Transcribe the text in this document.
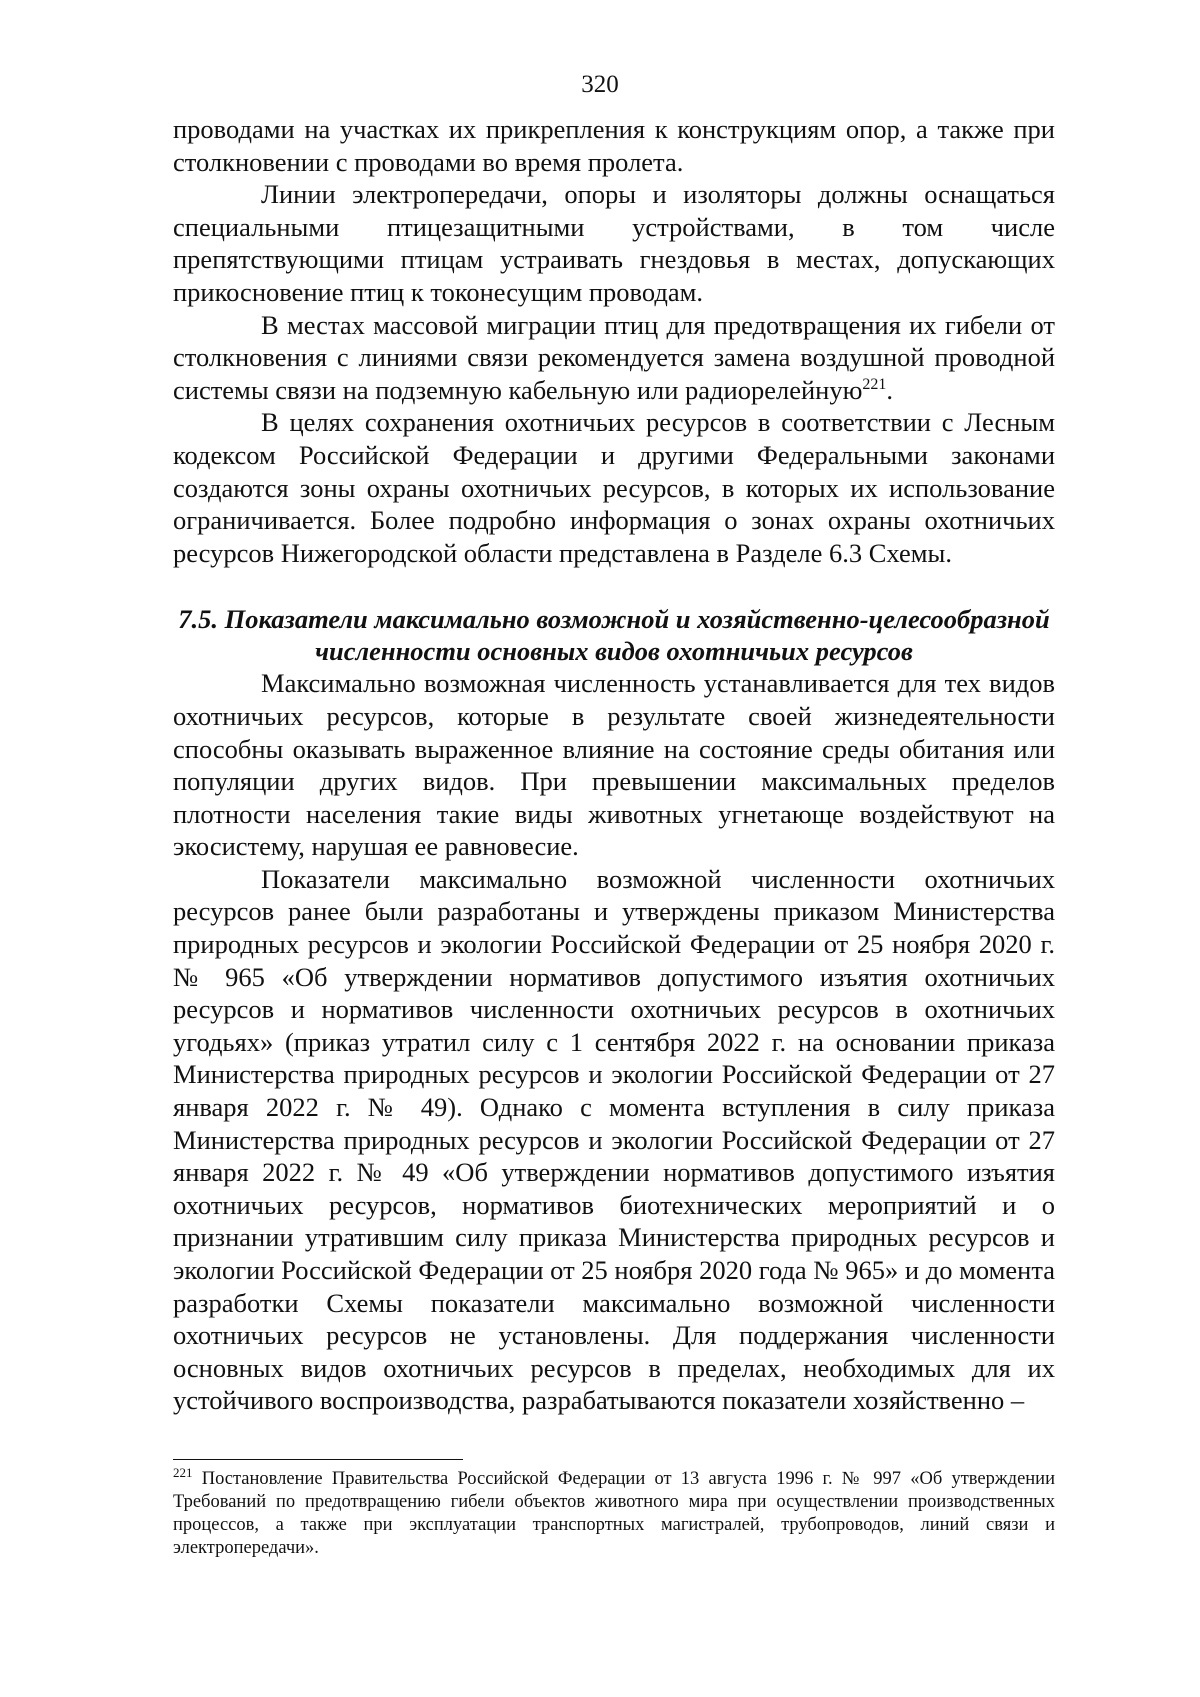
320

проводами на участках их прикрепления к конструкциям опор, а также при столкновении с проводами во время пролета.

Линии электропередачи, опоры и изоляторы должны оснащаться специальными птицезащитными устройствами, в том числе препятствующими птицам устраивать гнездовья в местах, допускающих прикосновение птиц к токонесущим проводам.

В местах массовой миграции птиц для предотвращения их гибели от столкновения с линиями связи рекомендуется замена воздушной проводной системы связи на подземную кабельную или радиорелейную$^{221}$.

В целях сохранения охотничьих ресурсов в соответствии с Лесным кодексом Российской Федерации и другими Федеральными законами создаются зоны охраны охотничьих ресурсов, в которых их использование ограничивается. Более подробно информация о зонах охраны охотничьих ресурсов Нижегородской области представлена в Разделе 6.3 Схемы.

7.5. Показатели максимально возможной и хозяйственно-целесообразной
численности основных видов охотничьих ресурсов

Максимально возможная численность устанавливается для тех видов охотничьих ресурсов, которые в результате своей жизнедеятельности способны оказывать выраженное влияние на состояние среды обитания или популяции других видов. При превышении максимальных пределов плотности населения такие виды животных угнетающе воздействуют на экосистему, нарушая ее равновесие.

Показатели максимально возможной численности охотничьих ресурсов ранее были разработаны и утверждены приказом Министерства природных ресурсов и экологии Российской Федерации от 25 ноября 2020 г. № 965 «Об утверждении нормативов допустимого изъятия охотничьих ресурсов и нормативов численности охотничьих ресурсов в охотничьих угодьях» (приказ утратил силу с 1 сентября 2022 г. на основании приказа Министерства природных ресурсов и экологии Российской Федерации от 27 января 2022 г. № 49). Однако с момента вступления в силу приказа Министерства природных ресурсов и экологии Российской Федерации от 27 января 2022 г. № 49 «Об утверждении нормативов допустимого изъятия охотничьих ресурсов, нормативов биотехнических мероприятий и о признании утратившим силу приказа Министерства природных ресурсов и экологии Российской Федерации от 25 ноября 2020 года № 965» и до момента разработки Схемы показатели максимально возможной численности охотничьих ресурсов не установлены. Для поддержания численности основных видов охотничьих ресурсов в пределах, необходимых для их устойчивого воспроизводства, разрабатываются показатели хозяйственно –

$^{221}$ Постановление Правительства Российской Федерации от 13 августа 1996 г. № 997 «Об утверждении Требований по предотвращению гибели объектов животного мира при осуществлении производственных процессов, а также при эксплуатации транспортных магистралей, трубопроводов, линий связи и электропередачи».
